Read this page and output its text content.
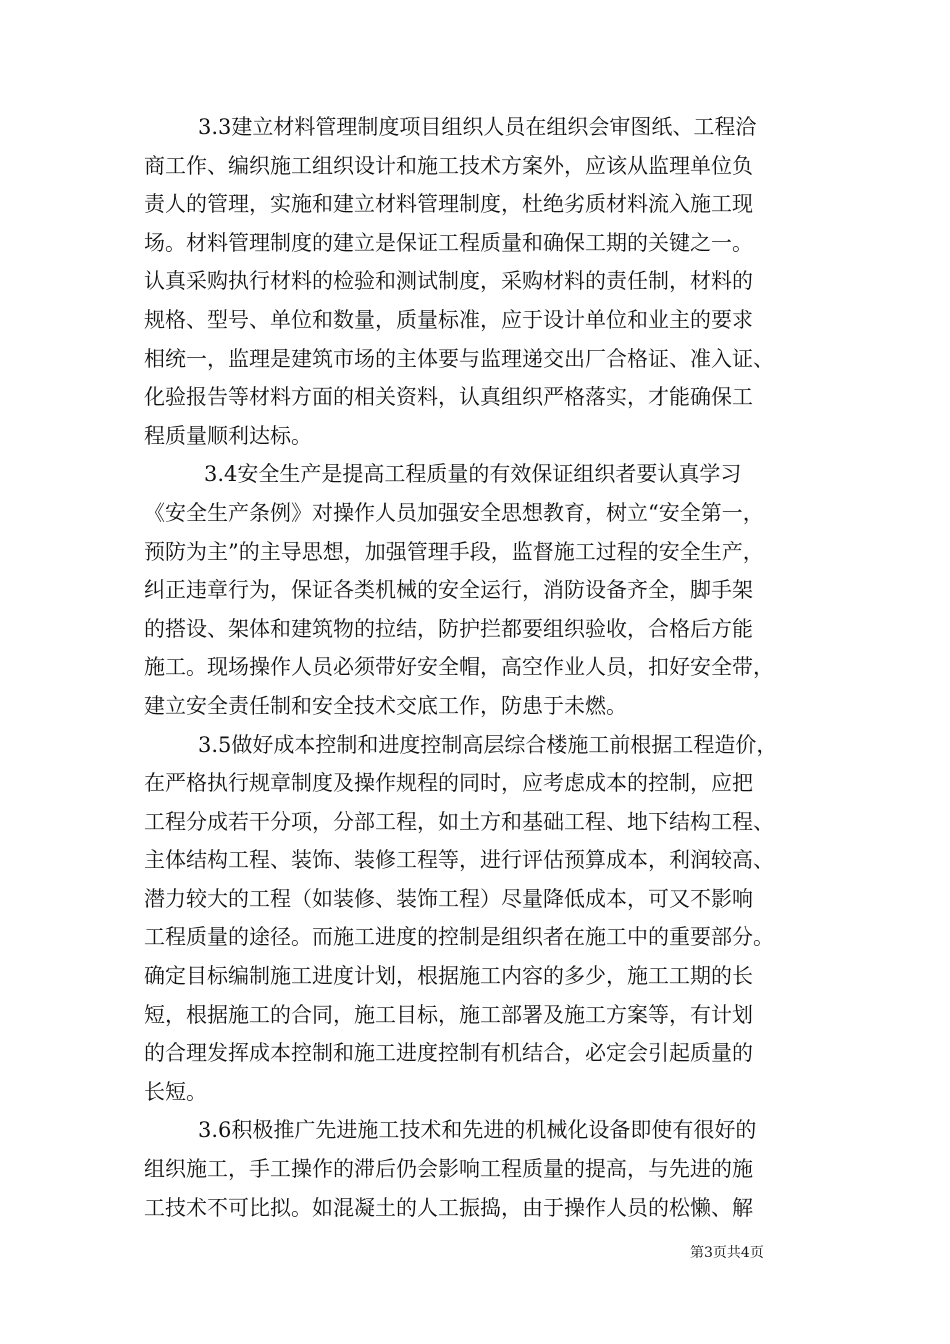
3.3建立材料管理制度项目组织人员在组织会审图纸、工程洽
商工作、编织施工组织设计和施工技术方案外，应该从监理单位负
责人的管理，实施和建立材料管理制度，杜绝劣质材料流入施工现
场。材料管理制度的建立是保证工程质量和确保工期的关键之一。
认真采购执行材料的检验和测试制度，采购材料的责任制，材料的
规格、型号、单位和数量，质量标准，应于设计单位和业主的要求
相统一，监理是建筑市场的主体要与监理递交出厂合格证、准入证、
化验报告等材料方面的相关资料，认真组织严格落实，才能确保工
程质量顺利达标。
3.4安全生产是提高工程质量的有效保证组织者要认真学习
《安全生产条例》对操作人员加强安全思想教育，树立“安全第一，
预防为主”的主导思想，加强管理手段，监督施工过程的安全生产，
纠正违章行为，保证各类机械的安全运行，消防设备齐全，脚手架
的搭设、架体和建筑物的拉结，防护拦都要组织验收，合格后方能
施工。现场操作人员必须带好安全帽，高空作业人员，扣好安全带，
建立安全责任制和安全技术交底工作，防患于未燃。
3.5做好成本控制和进度控制高层综合楼施工前根据工程造价，
在严格执行规章制度及操作规程的同时，应考虑成本的控制，应把
工程分成若干分项，分部工程，如土方和基础工程、地下结构工程、
主体结构工程、装饰、装修工程等，进行评估预算成本，利润较高、
潜力较大的工程（如装修、装饰工程）尽量降低成本，可又不影响
工程质量的途径。而施工进度的控制是组织者在施工中的重要部分。
确定目标编制施工进度计划，根据施工内容的多少，施工工期的长
短，根据施工的合同，施工目标，施工部署及施工方案等，有计划
的合理发挥成本控制和施工进度控制有机结合，必定会引起质量的
长短。
3.6积极推广先进施工技术和先进的机械化设备即使有很好的
组织施工，手工操作的滞后仍会影响工程质量的提高，与先进的施
工技术不可比拟。如混凝土的人工振捣，由于操作人员的松懒、解
第3页共4页
